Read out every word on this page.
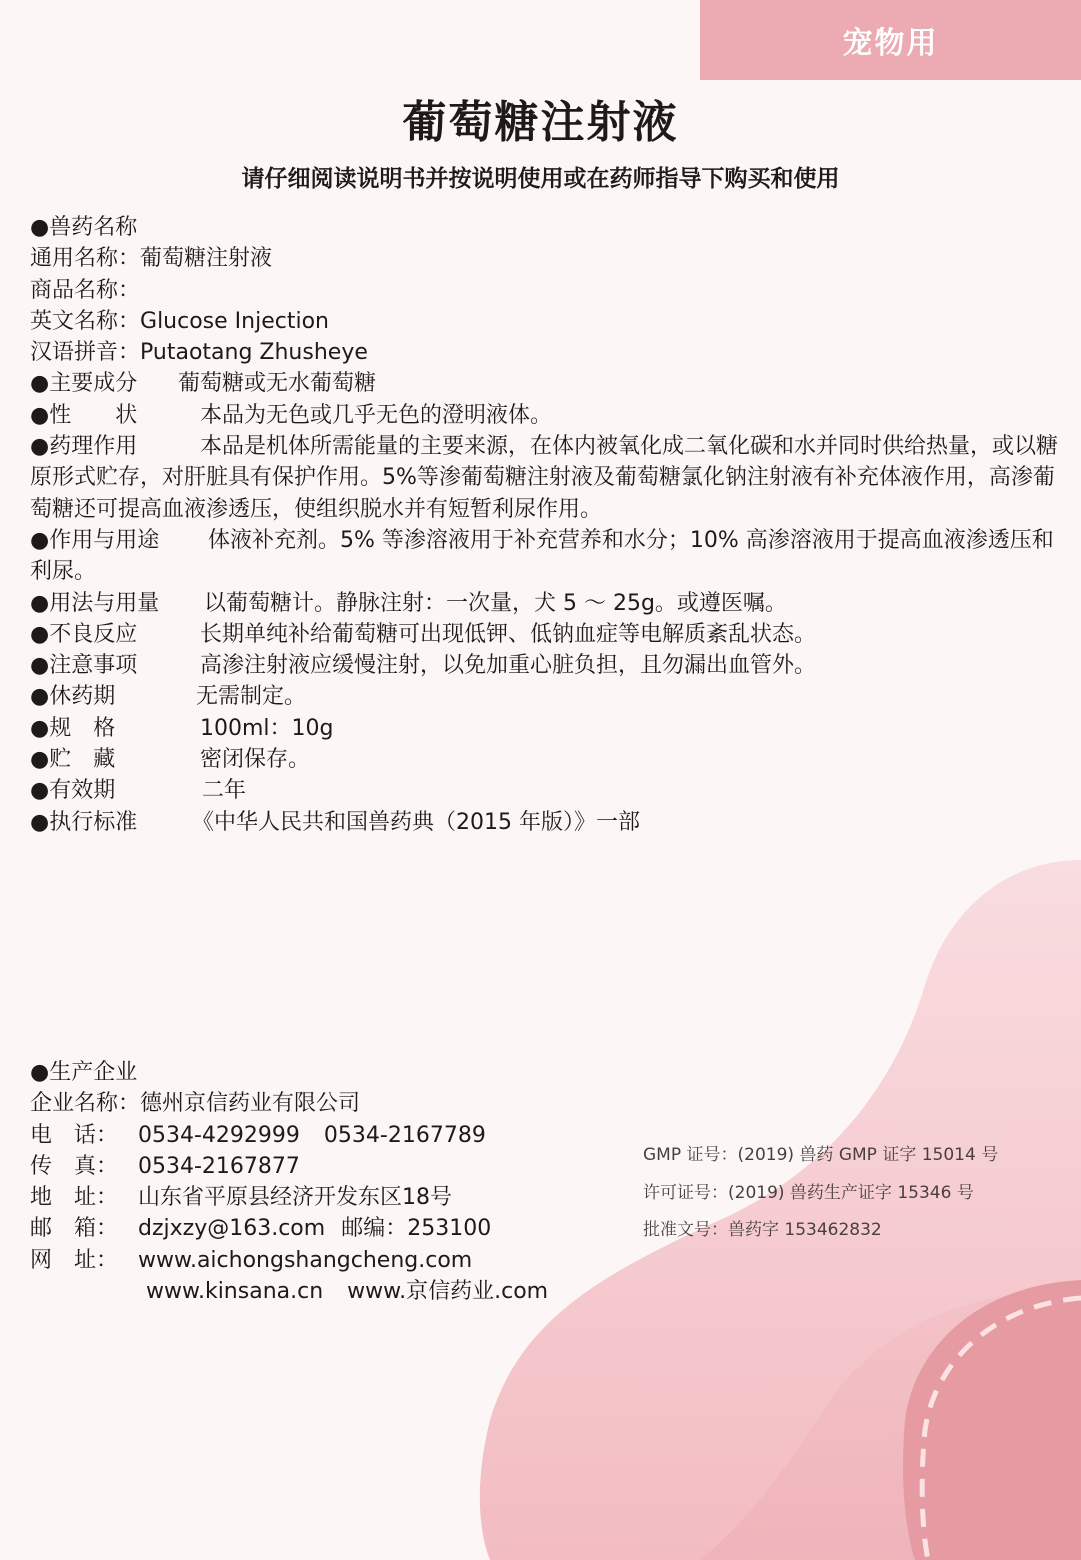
宠物用
葡萄糖注射液
请仔细阅读说明书并按说明使用或在药师指导下购买和使用
●兽药名称
通用名称：葡萄糖注射液
商品名称：
英文名称：Glucose Injection
汉语拼音：Putaotang Zhusheye
●主要成分 葡萄糖或无水葡萄糖
●性　　状	本品为无色或几乎无色的澄明液体。
●药理作用	本品是机体所需能量的主要来源，在体内被氧化成二氧化碳和水并同时供给热量，或以糖原形式贮存，对肝脏具有保护作用。5%等渗葡萄糖注射液及葡萄糖氯化钠注射液有补充体液作用，高渗葡萄糖还可提高血液渗透压，使组织脱水并有短暂利尿作用。
●作用与用途 体液补充剂。5% 等渗溶液用于补充营养和水分；10% 高渗溶液用于提高血液渗透压和利尿。
●用法与用量 以葡萄糖计。静脉注射：一次量，犬 5 ～ 25g。或遵医嘱。
●不良反应	长期单纯补给葡萄糖可出现低钾、低钠血症等电解质紊乱状态。
●注意事项	高渗注射液应缓慢注射，以免加重心脏负担，且勿漏出血管外。
●休药期	无需制定。
●规　格	100ml：10g
●贮　藏	密闭保存。
●有效期	二年
●执行标准 《中华人民共和国兽药典（2015 年版）》一部
●生产企业
企业名称：德州京信药业有限公司
电　话： 0534-4292999 0534-2167789
传　真： 0534-2167877
地　址： 山东省平原县经济开发东区18号
邮　箱： dzjxzy@163.com 邮编：253100
网　址： www.aichongshangcheng.com
www.kinsana.cn www.京信药业.com
GMP 证号：(2019) 兽药 GMP 证字 15014 号
许可证号：(2019) 兽药生产证字 15346 号
批准文号：兽药字 153462832
